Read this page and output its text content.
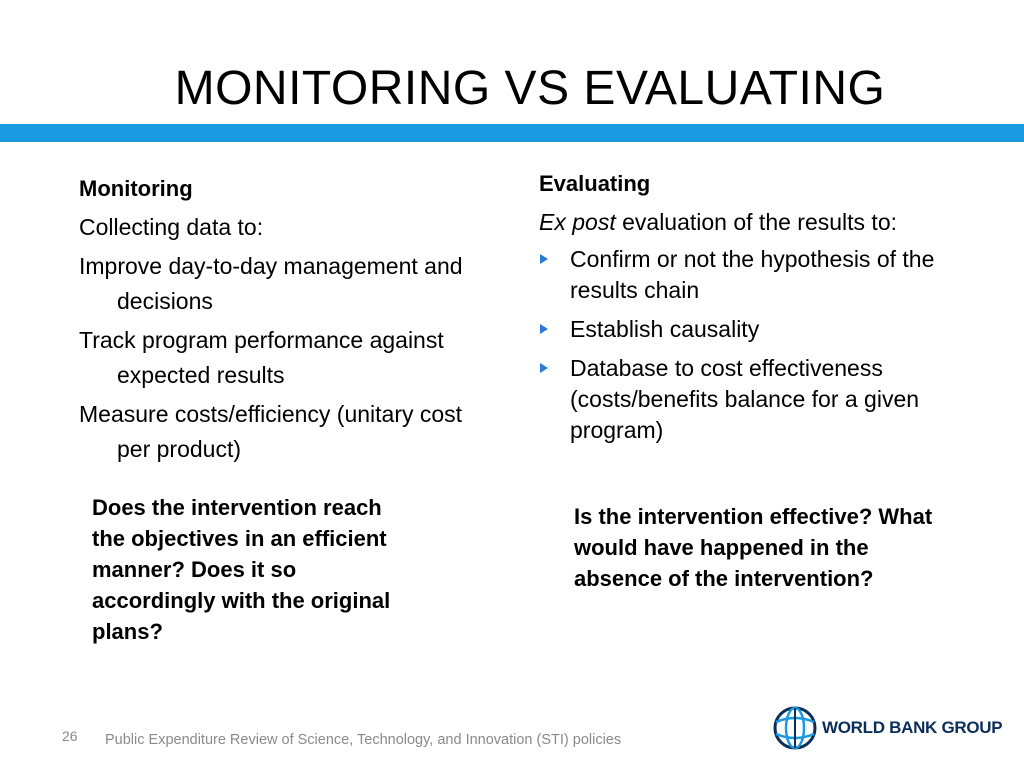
MONITORING VS EVALUATING

Monitoring

Collecting data to:

Improve day-to-day management and decisions

Track program performance against expected results

Measure costs/efficiency (unitary cost per product)

Evaluating

Ex post evaluation of the results to:

Confirm or not the hypothesis of the results chain
Establish causality
Database to cost effectiveness (costs/benefits balance for a given program)
Does the intervention reach the objectives in an efficient manner? Does it so accordingly with the original plans?
Is the intervention effective? What would have happened in the absence of the intervention?
26 Public Expenditure Review of Science, Technology, and Innovation (STI) policies
WORLD BANK GROUP
